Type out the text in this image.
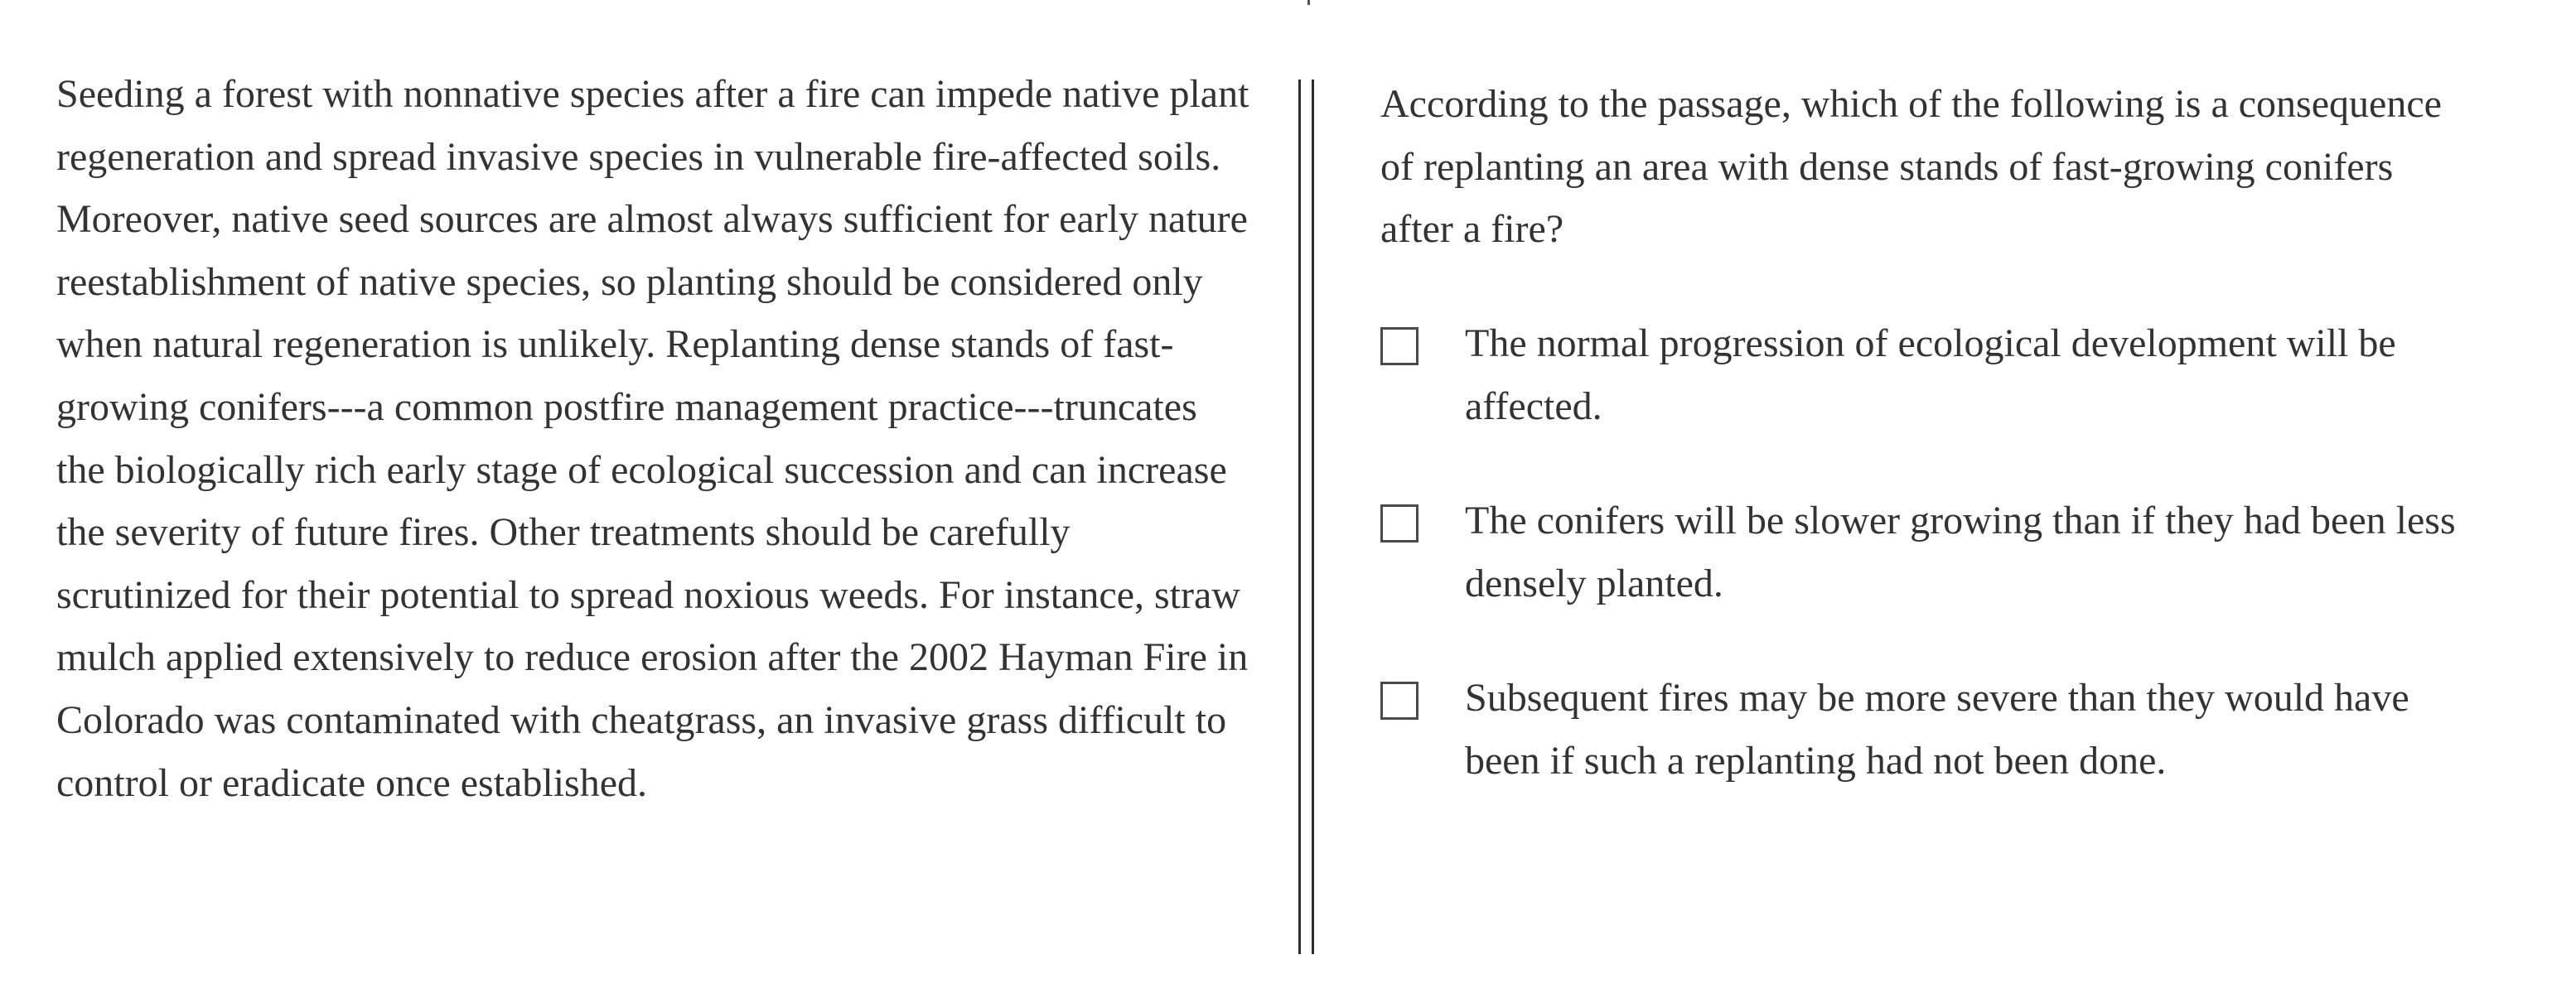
Seeding a forest with nonnative species after a fire can impede native plant regeneration and spread invasive species in vulnerable fire-affected soils. Moreover, native seed sources are almost always sufficient for early nature reestablishment of native species, so planting should be considered only when natural regeneration is unlikely. Replanting dense stands of fast-growing conifers---a common postfire management practice---truncates the biologically rich early stage of ecological succession and can increase the severity of future fires. Other treatments should be carefully scrutinized for their potential to spread noxious weeds. For instance, straw mulch applied extensively to reduce erosion after the 2002 Hayman Fire in Colorado was contaminated with cheatgrass, an invasive grass difficult to control or eradicate once established.

According to the passage, which of the following is a consequence of replanting an area with dense stands of fast-growing conifers after a fire?

The normal progression of ecological development will be affected.
The conifers will be slower growing than if they had been less densely planted.
Subsequent fires may be more severe than they would have been if such a replanting had not been done.
